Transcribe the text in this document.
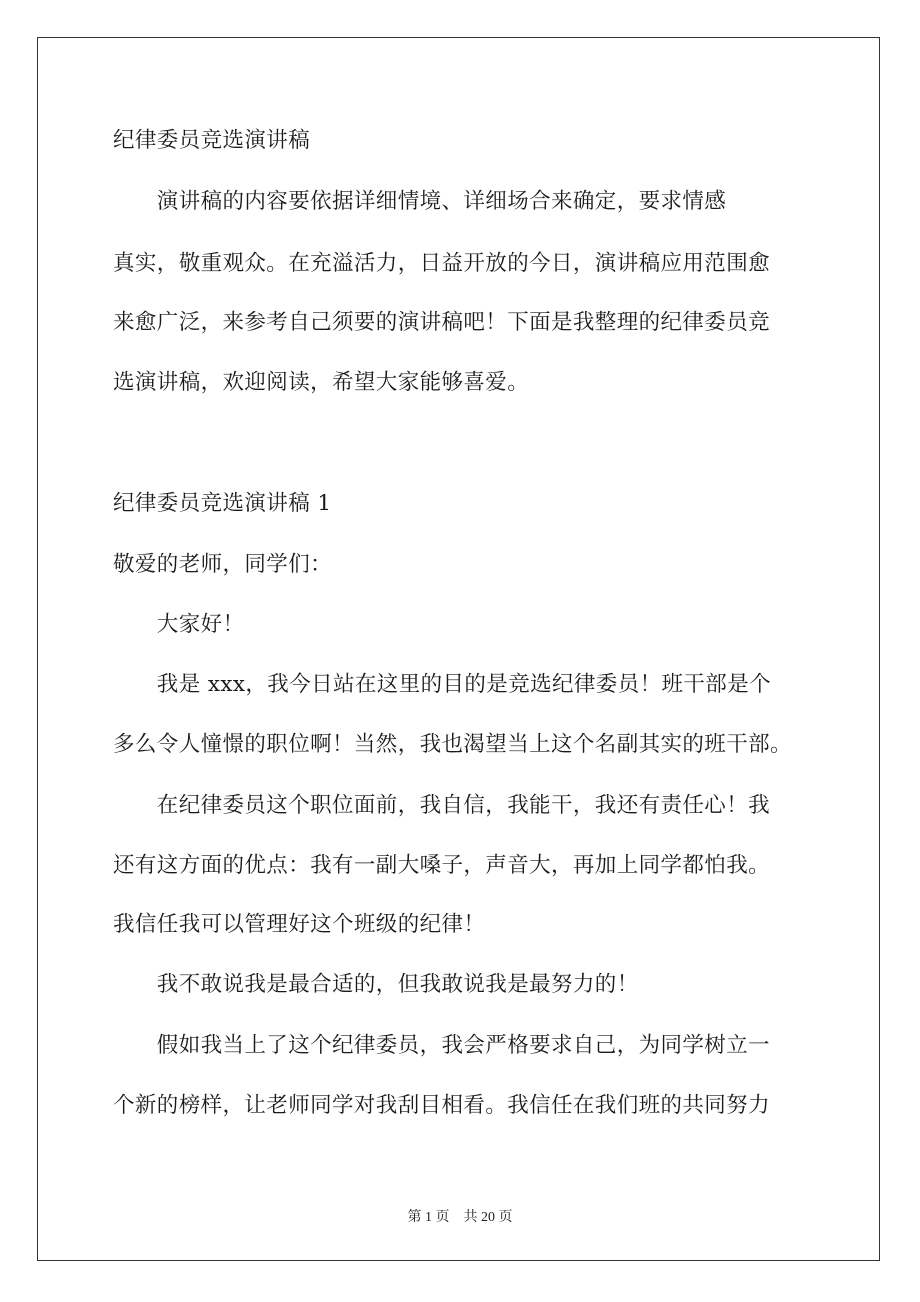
纪律委员竞选演讲稿
　　演讲稿的内容要依据详细情境、详细场合来确定，要求情感
真实，敬重观众。在充溢活力，日益开放的今日，演讲稿应用范围愈
来愈广泛，来参考自己须要的演讲稿吧！下面是我整理的纪律委员竞
选演讲稿，欢迎阅读，希望大家能够喜爱。
纪律委员竞选演讲稿 1
敬爱的老师，同学们：
　　大家好！
　　我是 xxx，我今日站在这里的目的是竞选纪律委员！班干部是个
多么令人憧憬的职位啊！当然，我也渴望当上这个名副其实的班干部。
　　在纪律委员这个职位面前，我自信，我能干，我还有责任心！我
还有这方面的优点：我有一副大嗓子，声音大，再加上同学都怕我。
我信任我可以管理好这个班级的纪律！
　　我不敢说我是最合适的，但我敢说我是最努力的！
　　假如我当上了这个纪律委员，我会严格要求自己，为同学树立一
个新的榜样，让老师同学对我刮目相看。我信任在我们班的共同努力
第 1 页　共 20 页
